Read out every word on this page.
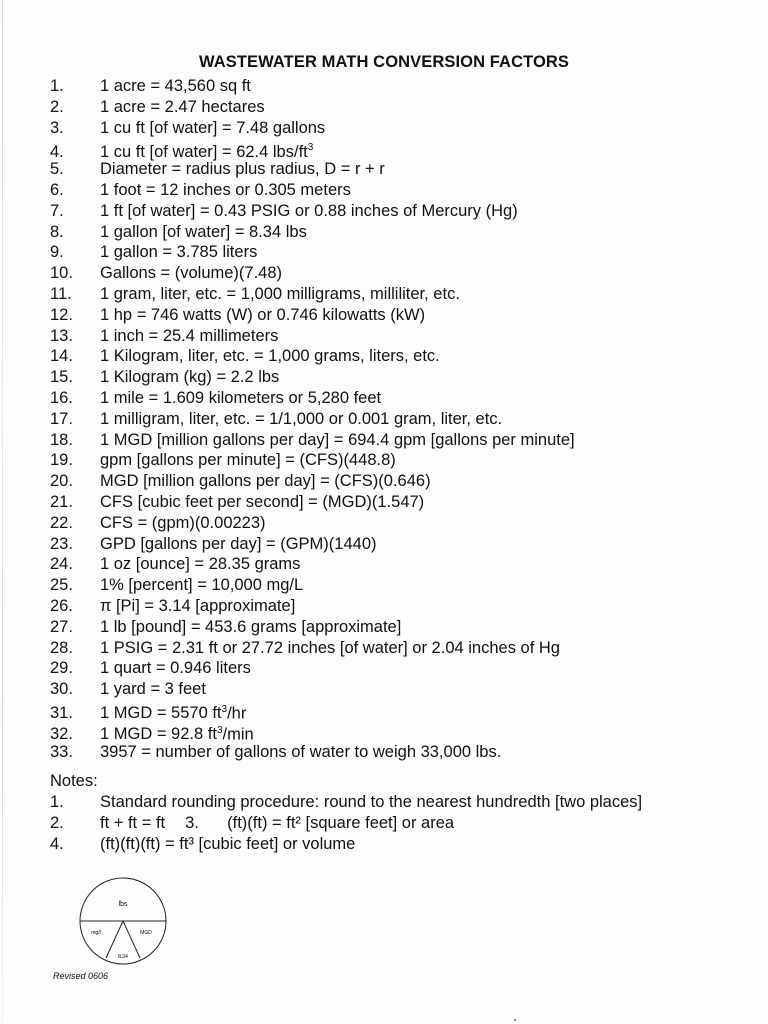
WASTEWATER MATH CONVERSION FACTORS
1. 1 acre = 43,560 sq ft
2. 1 acre = 2.47 hectares
3. 1 cu ft [of water] = 7.48 gallons
4. 1 cu ft [of water] = 62.4 lbs/$ft^3$
5. Diameter = radius plus radius, D = r + r
6. 1 foot = 12 inches or 0.305 meters
7. 1 ft [of water] = 0.43 PSIG or 0.88 inches of Mercury (Hg)
8. 1 gallon [of water] = 8.34 lbs
9. 1 gallon = 3.785 liters
10. Gallons = (volume)(7.48)
11. 1 gram, liter, etc. = 1,000 milligrams, milliliter, etc.
12. 1 hp = 746 watts (W) or 0.746 kilowatts (kW)
13. 1 inch = 25.4 millimeters
14. 1 Kilogram, liter, etc. = 1,000 grams, liters, etc.
15. 1 Kilogram (kg) = 2.2 lbs
16. 1 mile = 1.609 kilometers or 5,280 feet
17. 1 milligram, liter, etc. = 1/1,000 or 0.001 gram, liter, etc.
18. 1 MGD [million gallons per day] = 694.4 gpm [gallons per minute]
19. gpm [gallons per minute] = (CFS)(448.8)
20. MGD [million gallons per day] = (CFS)(0.646)
21. CFS [cubic feet per second] = (MGD)(1.547)
22. CFS = (gpm)(0.00223)
23. GPD [gallons per day] = (GPM)(1440)
24. 1 oz [ounce] = 28.35 grams
25. 1% [percent] = 10,000 mg/L
26. π [Pi] = 3.14 [approximate]
27. 1 lb [pound] = 453.6 grams [approximate]
28. 1 PSIG = 2.31 ft or 27.72 inches [of water] or 2.04 inches of Hg
29. 1 quart = 0.946 liters
30. 1 yard = 3 feet
31. 1 MGD = 5570 $ft^3/hr$
32. 1 MGD = 92.8 $ft^3/\min$
33. 3957 = number of gallons of water to weigh 33,000 lbs.
Notes:
1. Standard rounding procedure: round to the nearest hundredth [two places]
2. ft + ft = ft 3. (ft)(ft) = ft² [square feet] or area
4. (ft)(ft)(ft) = ft³ [cubic feet] or volume
lbs
mg/l	MGD
8.34
Revised 0606
